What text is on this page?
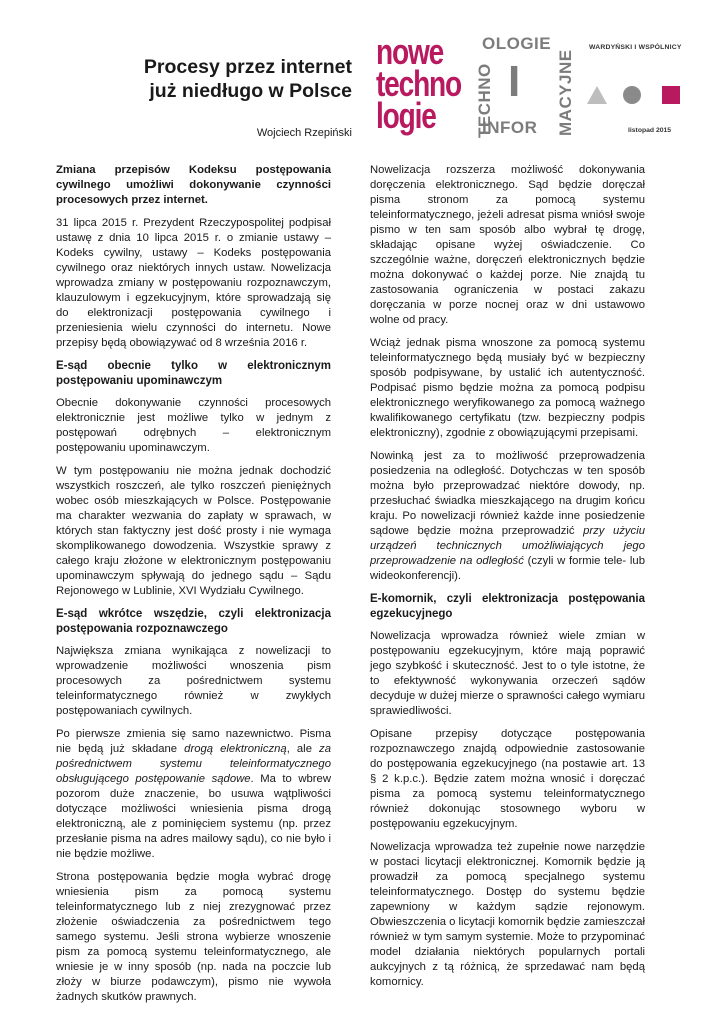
Procesy przez internet
już niedługo w Polsce
Wojciech Rzepiński
nowe
techno
logie TECHNO
OLOGIE
I
INFOR MACYJNE
WARDYŃSKI I WSPÓLNICY
listopad 2015

Zmiana przepisów Kodeksu postępowania cywilnego umożliwi dokonywanie czynności procesowych przez internet.

31 lipca 2015 r. Prezydent Rzeczypospolitej podpisał ustawę z dnia 10 lipca 2015 r. o zmianie ustawy – Kodeks cywilny, ustawy – Kodeks postępowania cywilnego oraz niektórych innych ustaw. Nowelizacja wprowadza zmiany w postępowaniu rozpoznawczym, klauzulowym i egzekucyjnym, które sprowadzają się do elektronizacji postępowania cywilnego i przeniesienia wielu czynności do internetu. Nowe przepisy będą obowiązywać od 8 września 2016 r.

E-sąd obecnie tylko w elektronicznym postępowaniu upominawczym

Obecnie dokonywanie czynności procesowych elektronicznie jest możliwe tylko w jednym z postępowań odrębnych – elektronicznym postępowaniu upominawczym.

W tym postępowaniu nie można jednak dochodzić wszystkich roszczeń, ale tylko roszczeń pieniężnych wobec osób mieszkających w Polsce. Postępowanie ma charakter wezwania do zapłaty w sprawach, w których stan faktyczny jest dość prosty i nie wymaga skomplikowanego dowodzenia. Wszystkie sprawy z całego kraju złożone w elektronicznym postępowaniu upominawczym spływają do jednego sądu – Sądu Rejonowego w Lublinie, XVI Wydziału Cywilnego.

E-sąd wkrótce wszędzie, czyli elektronizacja postępowania rozpoznawczego

Największa zmiana wynikająca z nowelizacji to wprowadzenie możliwości wnoszenia pism procesowych za pośrednictwem systemu teleinformatycznego również w zwykłych postępowaniach cywilnych.

Po pierwsze zmienia się samo nazewnictwo. Pisma nie będą już składane drogą elektroniczną, ale za pośrednictwem systemu teleinformatycznego obsługującego postępowanie sądowe. Ma to wbrew pozorom duże znaczenie, bo usuwa wątpliwości dotyczące możliwości wniesienia pisma drogą elektroniczną, ale z pominięciem systemu (np. przez przesłanie pisma na adres mailowy sądu), co nie było i nie będzie możliwe.

Strona postępowania będzie mogła wybrać drogę wniesienia pism za pomocą systemu teleinformatycznego lub z niej zrezygnować przez złożenie oświadczenia za pośrednictwem tego samego systemu. Jeśli strona wybierze wnoszenie pism za pomocą systemu teleinformatycznego, ale wniesie je w inny sposób (np. nada na poczcie lub złoży w biurze podawczym), pismo nie wywoła żadnych skutków prawnych.

Nowelizacja rozszerza możliwość dokonywania doręczenia elektronicznego. Sąd będzie doręczał pisma stronom za pomocą systemu teleinformatycznego, jeżeli adresat pisma wniósł swoje pismo w ten sam sposób albo wybrał tę drogę, składając opisane wyżej oświadczenie. Co szczególnie ważne, doręczeń elektronicznych będzie można dokonywać o każdej porze. Nie znajdą tu zastosowania ograniczenia w postaci zakazu doręczania w porze nocnej oraz w dni ustawowo wolne od pracy.

Wciąż jednak pisma wnoszone za pomocą systemu teleinformatycznego będą musiały być w bezpieczny sposób podpisywane, by ustalić ich autentyczność. Podpisać pismo będzie można za pomocą podpisu elektronicznego weryfikowanego za pomocą ważnego kwalifikowanego certyfikatu (tzw. bezpieczny podpis elektroniczny), zgodnie z obowiązującymi przepisami.

Nowinką jest za to możliwość przeprowadzenia posiedzenia na odległość. Dotychczas w ten sposób można było przeprowadzać niektóre dowody, np. przesłuchać świadka mieszkającego na drugim końcu kraju. Po nowelizacji również każde inne posiedzenie sądowe będzie można przeprowadzić przy użyciu urządzeń technicznych umożliwiających jego przeprowadzenie na odległość (czyli w formie tele- lub wideokonferencji).

E-komornik, czyli elektronizacja postępowania egzekucyjnego

Nowelizacja wprowadza również wiele zmian w postępowaniu egzekucyjnym, które mają poprawić jego szybkość i skuteczność. Jest to o tyle istotne, że to efektywność wykonywania orzeczeń sądów decyduje w dużej mierze o sprawności całego wymiaru sprawiedliwości.

Opisane przepisy dotyczące postępowania rozpoznawczego znajdą odpowiednie zastosowanie do postępowania egzekucyjnego (na postawie art. 13 § 2 k.p.c.). Będzie zatem można wnosić i doręczać pisma za pomocą systemu teleinformatycznego również dokonując stosownego wyboru w postępowaniu egzekucyjnym.

Nowelizacja wprowadza też zupełnie nowe narzędzie w postaci licytacji elektronicznej. Komornik będzie ją prowadził za pomocą specjalnego systemu teleinformatycznego. Dostęp do systemu będzie zapewniony w każdym sądzie rejonowym. Obwieszczenia o licytacji komornik będzie zamieszczał również w tym samym systemie. Może to przypominać model działania niektórych popularnych portali aukcyjnych z tą różnicą, że sprzedawać nam będą komornicy.
